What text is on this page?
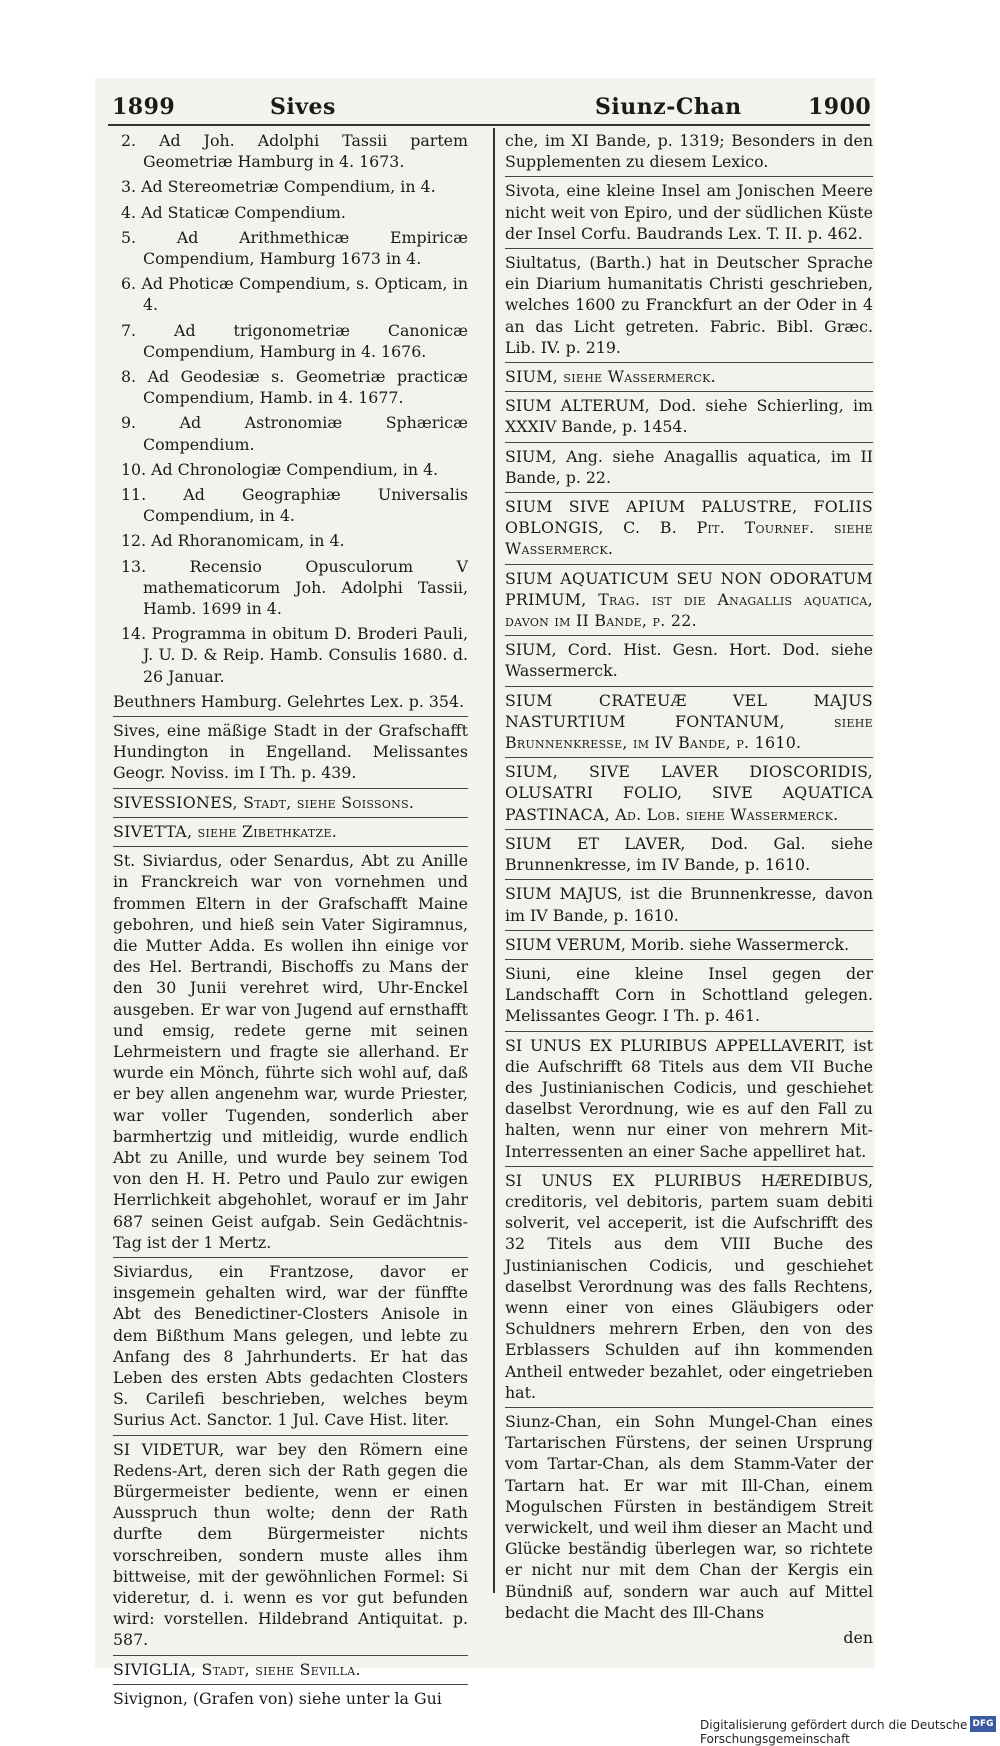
1899	Sives	Siunz-Chan	1900

2. Ad Joh. Adolphi Tassii partem Geometriæ Hamburg in 4. 1673.

3. Ad Stereometriæ Compendium, in 4.

4. Ad Staticæ Compendium.

5. Ad Arithmethicæ Empiricæ Compendium, Hamburg 1673 in 4.

6. Ad Photicæ Compendium, s. Opticam, in 4.

7. Ad trigonometriæ Canonicæ Compendium, Hamburg in 4. 1676.

8. Ad Geodesiæ s. Geometriæ practicæ Compendium, Hamb. in 4. 1677.

9. Ad Astronomiæ Sphæricæ Compendium.

10. Ad Chronologiæ Compendium, in 4.

11. Ad Geographiæ Universalis Compendium, in 4.

12. Ad Rhoranomicam, in 4.

13. Recensio Opusculorum V mathematicorum Joh. Adolphi Tassii, Hamb. 1699 in 4.

14. Programma in obitum D. Broderi Pauli, J. U. D. & Reip. Hamb. Consulis 1680. d. 26 Januar.

Beuthners Hamburg. Gelehrtes Lex. p. 354.

Sives, eine mäßige Stadt in der Grafschafft Hundington in Engelland. Melissantes Geogr. Noviss. im I Th. p. 439.

SIVESSIONES, Stadt, siehe Soissons.

SIVETTA, siehe Zibethkatze.

St. Siviardus, oder Senardus, Abt zu Anille in Franckreich war von vornehmen und frommen Eltern in der Grafschafft Maine gebohren, und hieß sein Vater Sigiramnus, die Mutter Adda. Es wollen ihn einige vor des Hel. Bertrandi, Bischoffs zu Mans der den 30 Junii verehret wird, Uhr-Enckel ausgeben. Er war von Jugend auf ernsthafft und emsig, redete gerne mit seinen Lehrmeistern und fragte sie allerhand. Er wurde ein Mönch, führte sich wohl auf, daß er bey allen angenehm war, wurde Priester, war voller Tugenden, sonderlich aber barmhertzig und mitleidig, wurde endlich Abt zu Anille, und wurde bey seinem Tod von den H. H. Petro und Paulo zur ewigen Herrlichkeit abgehohlet, worauf er im Jahr 687 seinen Geist aufgab. Sein Gedächtnis-Tag ist der 1 Mertz.

Siviardus, ein Frantzose, davor er insgemein gehalten wird, war der fünffte Abt des Benedictiner-Closters Anisole in dem Bißthum Mans gelegen, und lebte zu Anfang des 8 Jahrhunderts. Er hat das Leben des ersten Abts gedachten Closters S. Carilefi beschrieben, welches beym Surius Act. Sanctor. 1 Jul. Cave Hist. liter.

SI VIDETUR, war bey den Römern eine Redens-Art, deren sich der Rath gegen die Bürgermeister bediente, wenn er einen Ausspruch thun wolte; denn der Rath durfte dem Bürgermeister nichts vorschreiben, sondern muste alles ihm bittweise, mit der gewöhnlichen Formel: Si videretur, d. i. wenn es vor gut befunden wird: vorstellen. Hildebrand Antiquitat. p. 587.

SIVIGLIA, Stadt, siehe Sevilla.

Sivignon, (Grafen von) siehe unter la Gui

che, im XI Bande, p. 1319; Besonders in den Supplementen zu diesem Lexico.

Sivota, eine kleine Insel am Jonischen Meere nicht weit von Epiro, und der südlichen Küste der Insel Corfu. Baudrands Lex. T. II. p. 462.

Siultatus, (Barth.) hat in Deutscher Sprache ein Diarium humanitatis Christi geschrieben, welches 1600 zu Franckfurt an der Oder in 4 an das Licht getreten. Fabric. Bibl. Græc. Lib. IV. p. 219.

SIUM, siehe Wassermerck.

SIUM ALTERUM, Dod. siehe Schierling, im XXXIV Bande, p. 1454.

SIUM, Ang. siehe Anagallis aquatica, im II Bande, p. 22.

SIUM SIVE APIUM PALUSTRE, FOLIIS OBLONGIS, C. B. Pit. Tournef. siehe Wassermerck.

SIUM AQUATICUM SEU NON ODORATUM PRIMUM, Trag. ist die Anagallis aquatica, davon im II Bande, p. 22.

SIUM, Cord. Hist. Gesn. Hort. Dod. siehe Wassermerck.

SIUM CRATEUÆ VEL MAJUS NASTURTIUM FONTANUM, siehe Brunnenkresse, im IV Bande, p. 1610.

SIUM, SIVE LAVER DIOSCORIDIS, OLUSATRI FOLIO, SIVE AQUATICA PASTINACA, Ad. Lob. siehe Wassermerck.

SIUM ET LAVER, Dod. Gal. siehe Brunnenkresse, im IV Bande, p. 1610.

SIUM MAJUS, ist die Brunnenkresse, davon im IV Bande, p. 1610.

SIUM VERUM, Morib. siehe Wassermerck.

Siuni, eine kleine Insel gegen der Landschafft Corn in Schottland gelegen. Melissantes Geogr. I Th. p. 461.

SI UNUS EX PLURIBUS APPELLAVERIT, ist die Aufschrifft 68 Titels aus dem VII Buche des Justinianischen Codicis, und geschiehet daselbst Verordnung, wie es auf den Fall zu halten, wenn nur einer von mehrern Mit-Interressenten an einer Sache appelliret hat.

SI UNUS EX PLURIBUS HÆREDIBUS, creditoris, vel debitoris, partem suam debiti solverit, vel acceperit, ist die Aufschrifft des 32 Titels aus dem VIII Buche des Justinianischen Codicis, und geschiehet daselbst Verordnung was des falls Rechtens, wenn einer von eines Gläubigers oder Schuldners mehrern Erben, den von des Erblassers Schulden auf ihn kommenden Antheil entweder bezahlet, oder eingetrieben hat.

Siunz-Chan, ein Sohn Mungel-Chan eines Tartarischen Fürstens, der seinen Ursprung vom Tartar-Chan, als dem Stamm-Vater der Tartarn hat. Er war mit Ill-Chan, einem Mogulschen Fürsten in beständigem Streit verwickelt, und weil ihm dieser an Macht und Glücke beständig überlegen war, so richtete er nicht nur mit dem Chan der Kergis ein Bündniß auf, sondern war auch auf Mittel bedacht die Macht des Ill-Chans

den

Digitalisierung gefördert durch die Deutsche Forschungsgemeinschaft
DFG
